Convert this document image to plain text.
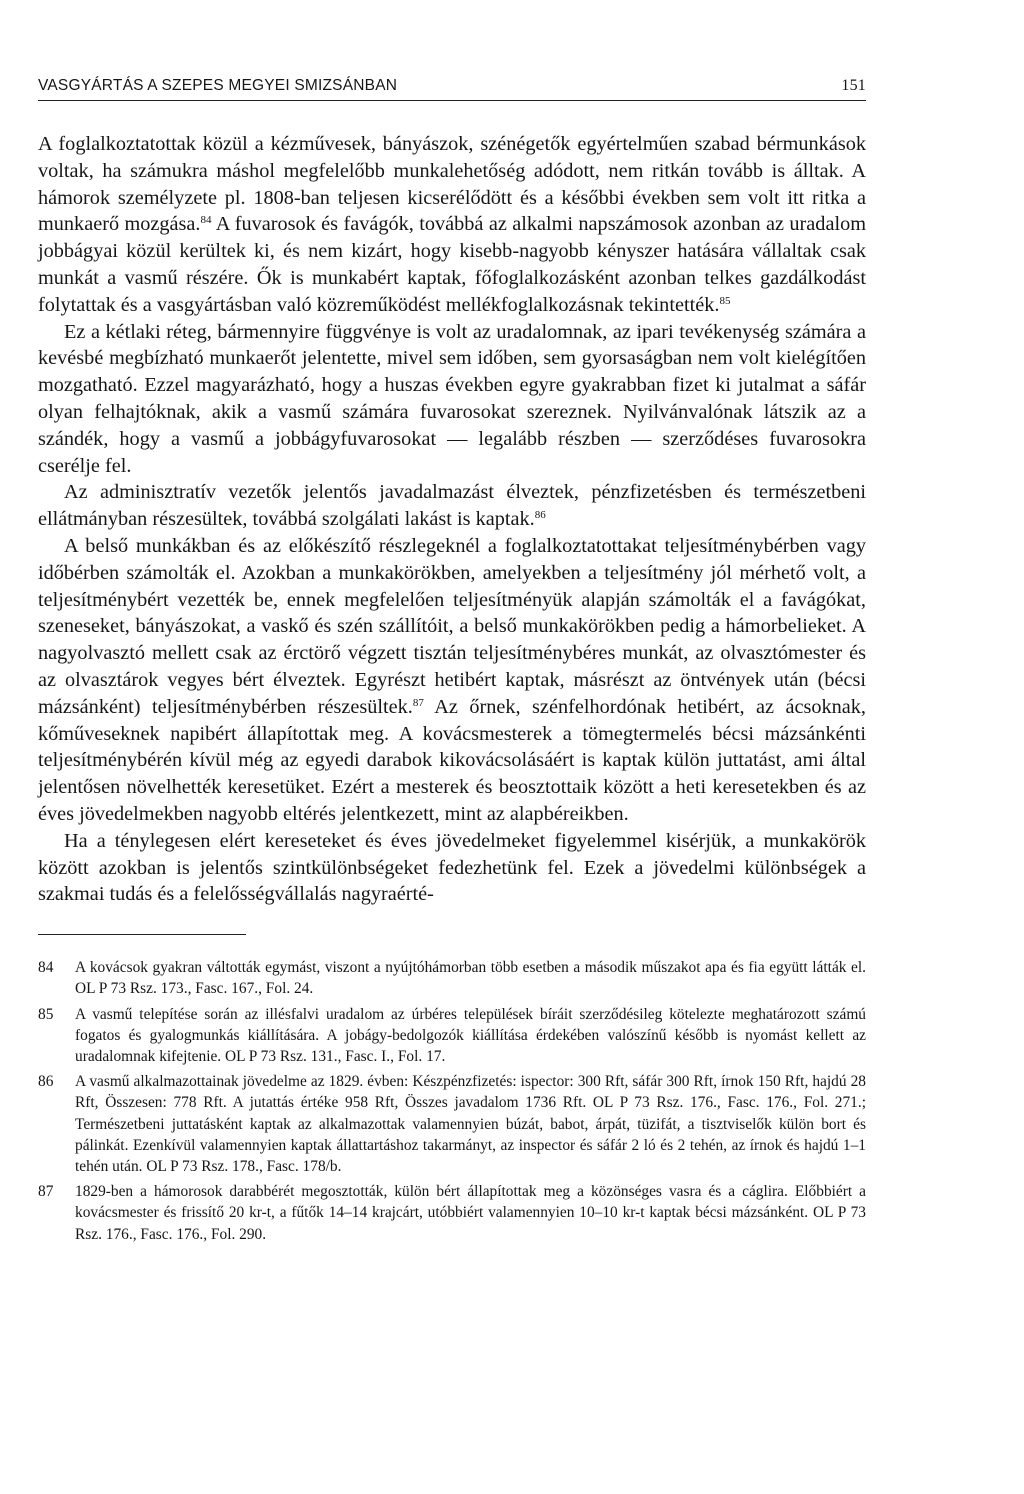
VASGYÁRTÁS A SZEPES MEGYEI SMIZSÁNBAN	151

A foglalkoztatottak közül a kézművesek, bányászok, szénégetők egyértelműen szabad bérmunkások voltak, ha számukra máshol megfelelőbb munkalehetőség adódott, nem ritkán tovább is álltak. A hámorok személyzete pl. 1808-ban teljesen kicserélődött és a későbbi években sem volt itt ritka a munkaerő mozgása.$^{84}$ A fuvarosok és favágók, továbbá az alkalmi napszámosok azonban az uradalom jobbágyai közül kerültek ki, és nem kizárt, hogy kisebb-nagyobb kényszer hatására vállaltak csak munkát a vasmű részére. Ők is munkabért kaptak, főfoglalkozásként azonban telkes gazdálkodást folytattak és a vasgyártásban való közreműködést mellékfoglalkozásnak tekintették.$^{85}$

Ez a kétlaki réteg, bármennyire függvénye is volt az uradalomnak, az ipari tevékenység számára a kevésbé megbízható munkaerőt jelentette, mivel sem időben, sem gyorsaságban nem volt kielégítően mozgatható. Ezzel magyarázható, hogy a huszas években egyre gyakrabban fizet ki jutalmat a sáfár olyan felhajtóknak, akik a vasmű számára fuvarosokat szereznek. Nyilvánvalónak látszik az a szándék, hogy a vasmű a jobbágyfuvarosokat — legalább részben — szerződéses fuvarosokra cserélje fel.

Az adminisztratív vezetők jelentős javadalmazást élveztek, pénzfizetésben és természetbeni ellátmányban részesültek, továbbá szolgálati lakást is kaptak.$^{86}$

A belső munkákban és az előkészítő részlegeknél a foglalkoztatottakat teljesítménybérben vagy időbérben számolták el. Azokban a munkakörökben, amelyekben a teljesítmény jól mérhető volt, a teljesítménybért vezették be, ennek megfelelően teljesítményük alapján számolták el a favágókat, szeneseket, bányászokat, a vaskő és szén szállítóit, a belső munkakörökben pedig a hámorbelieket. A nagyolvasztó mellett csak az érctörő végzett tisztán teljesítménybéres munkát, az olvasztómester és az olvasztárok vegyes bért élveztek. Egyrészt hetibért kaptak, másrészt az öntvények után (bécsi mázsánként) teljesítménybérben részesültek.$^{87}$ Az őrnek, szénfelhordónak hetibért, az ácsoknak, kőműveseknek napibért állapítottak meg. A kovácsmesterek a tömegtermelés bécsi mázsánkénti teljesítménybérén kívül még az egyedi darabok kikovácsolásáért is kaptak külön juttatást, ami által jelentősen növelhették keresetüket. Ezért a mesterek és beosztottaik között a heti keresetekben és az éves jövedelmekben nagyobb eltérés jelentkezett, mint az alapbéreikben.

Ha a ténylegesen elért kereseteket és éves jövedelmeket figyelemmel kisérjük, a munkakörök között azokban is jelentős szintkülönbségeket fedezhetünk fel. Ezek a jövedelmi különbségek a szakmai tudás és a felelősségvállalás nagyraérté-

84	A kovácsok gyakran váltották egymást, viszont a nyújtóhámorban több esetben a második műszakot apa és fia együtt látták el. OL P 73 Rsz. 173., Fasc. 167., Fol. 24.
85	A vasmű telepítése során az illésfalvi uradalom az úrbéres települések bíráit szerződésileg kötelezte meghatározott számú fogatos és gyalogmunkás kiállítására. A jobágy-bedolgozók kiállítása érdekében valószínű később is nyomást kellett az uradalomnak kifejtenie. OL P 73 Rsz. 131., Fasc. I., Fol. 17.
86	A vasmű alkalmazottainak jövedelme az 1829. évben: Készpénzfizetés: ispector: 300 Rft, sáfár 300 Rft, írnok 150 Rft, hajdú 28 Rft, Összesen: 778 Rft. A jutattás értéke 958 Rft, Összes javadalom 1736 Rft. OL P 73 Rsz. 176., Fasc. 176., Fol. 271.; Természetbeni juttatásként kaptak az alkalmazottak valamennyien búzát, babot, árpát, tüzifát, a tisztviselők külön bort és pálinkát. Ezenkívül valamennyien kaptak állattartáshoz takarmányt, az inspector és sáfár 2 ló és 2 tehén, az írnok és hajdú 1–1 tehén után. OL P 73 Rsz. 178., Fasc. 178/b.
87	1829-ben a hámorosok darabbérét megosztották, külön bért állapítottak meg a közönséges vasra és a cáglira. Előbbiért a kovácsmester és frissítő 20 kr-t, a fűtők 14–14 krajcárt, utóbbiért valamennyien 10–10 kr-t kaptak bécsi mázsánként. OL P 73 Rsz. 176., Fasc. 176., Fol. 290.
